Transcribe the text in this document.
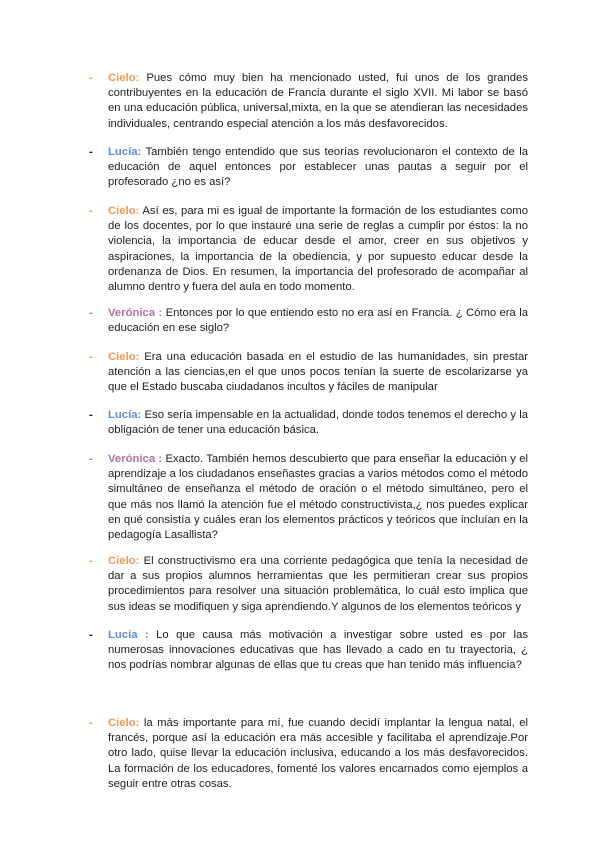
- Cielo: Pues cómo muy bien ha mencionado usted, fui unos de los grandes contribuyentes en la educación de Francia durante el siglo XVII. Mi labor se basó en una educación pública, universal,mixta, en la que se atendieran las necesidades individuales, centrando especial atención a los más desfavorecidos.
- Lucía: También tengo entendido que sus teorías revolucionaron el contexto de la educación de aquel entonces por establecer unas pautas a seguir por el profesorado ¿no es así?
- Cielo: Así es, para mi es igual de importante la formación de los estudiantes como de los docentes, por lo que instauré una serie de reglas a cumplir por éstos: la no violencia, la importancia de educar desde el amor, creer en sus objetivos y aspiraciones, la importancia de la obediencia, y por supuesto educar desde la ordenanza de Dios. En resumen, la importancia del profesorado de acompañar al alumno dentro y fuera del aula en todo momento.
- Verónica : Entonces por lo que entiendo esto no era así en Francia. ¿ Cómo era la educación en ese siglo?
- Cielo: Era una educación basada en el estudio de las humanidades, sin prestar atención a las ciencias,en el que unos pocos tenían la suerte de escolarizarse ya que el Estado buscaba ciudadanos incultos y fáciles de manipular
- Lucía: Eso sería impensable en la actualidad, donde todos tenemos el derecho y la obligación de tener una educación básica.
- Verónica : Exacto. También hemos descubierto que para enseñar la educación y el aprendizaje a los ciudadanos enseñastes gracias a varios métodos como el método simultáneo de enseñanza el método de oración o el método simultáneo, pero el que más nos llamó la atención fue el método constructivista,¿ nos puedes explicar en qué consistía y cuáles eran los elementos prácticos y teóricos que incluían en la pedagogía Lasallista?
- Cielo: El constructivismo era una corriente pedagógica que tenía la necesidad de dar a sus propios alumnos herramientas que les permitieran crear sus propios procedimientos para resolver una situación problemática, lo cuál esto implica que sus ideas se modifiquen y siga aprendiendo.Y algunos de los elementos teóricos y
- Lucía : Lo que causa más motivación a investigar sobre usted es por las numerosas innovaciones educativas que has llevado a cado en tu trayectoria, ¿ nos podrías nombrar algunas de ellas que tu creas que han tenido más influencia?
- Cielo: la más importante para mí, fue cuando decidí implantar la lengua natal, el francés, porque así la educación era más accesible y facilitaba el aprendizaje.Por otro lado, quise llevar la educación inclusiva, educando a los más desfavorecidos. La formación de los educadores, fomenté los valores encarnados como ejemplos a seguir entre otras cosas.
